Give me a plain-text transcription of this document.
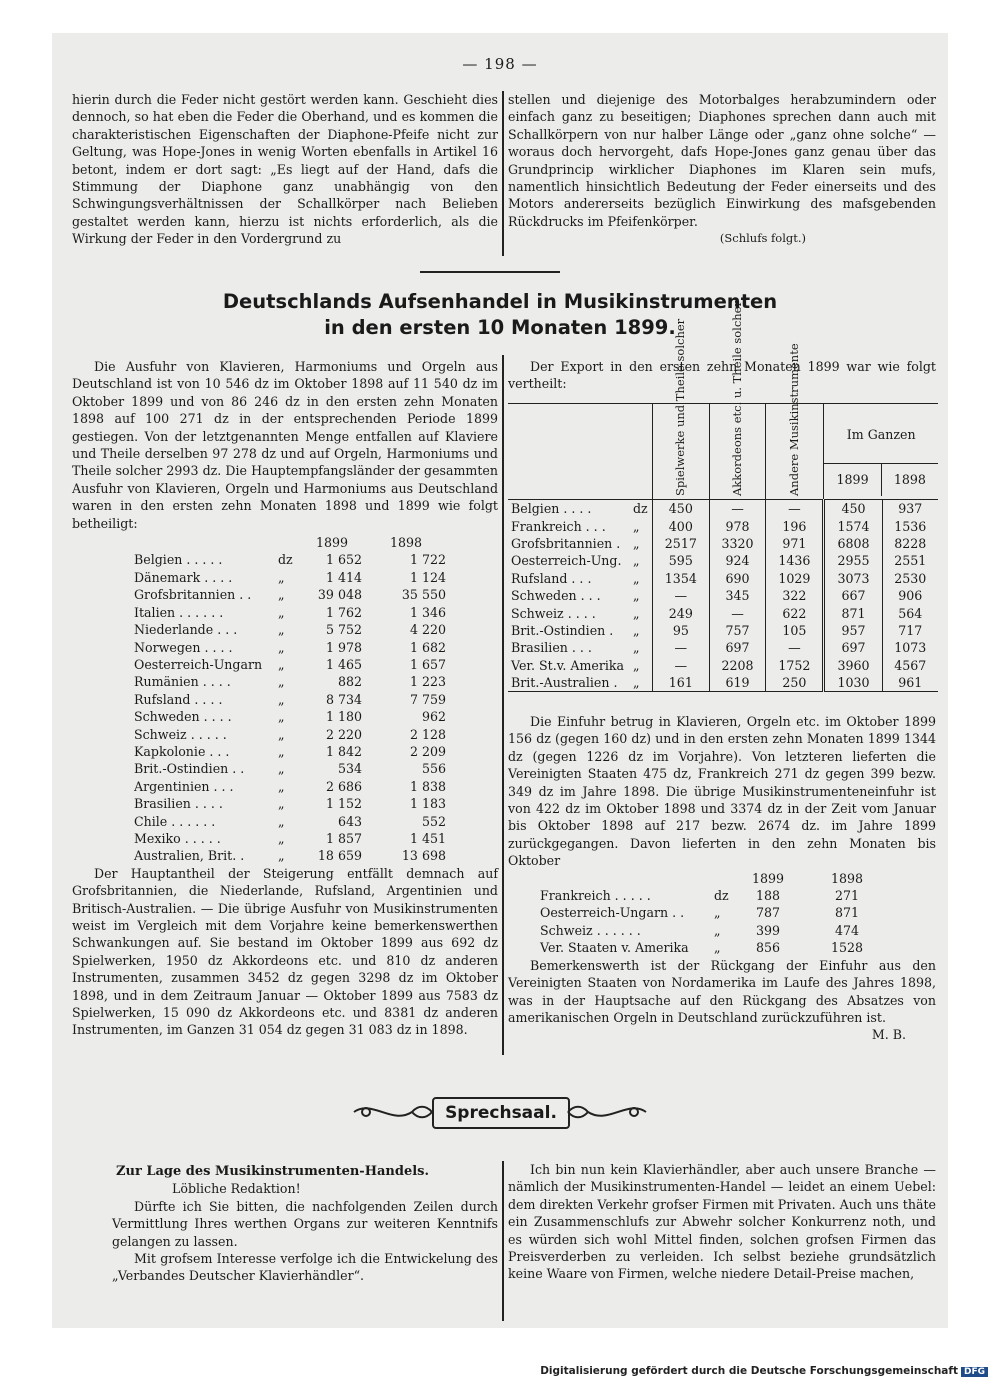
— 198 —

hierin durch die Feder nicht gestört werden kann. Geschieht dies dennoch, so hat eben die Feder die Oberhand, und es kommen die charakteristischen Eigenschaften der Diaphone-Pfeife nicht zur Geltung, was Hope-Jones in wenig Worten ebenfalls in Artikel 16 betont, indem er dort sagt: „Es liegt auf der Hand, dafs die Stimmung der Diaphone ganz unabhängig von den Schwingungsverhältnissen der Schallkörper nach Belieben gestaltet werden kann, hierzu ist nichts erforderlich, als die Wirkung der Feder in den Vordergrund zu

stellen und diejenige des Motorbalges herabzumindern oder einfach ganz zu beseitigen; Diaphones sprechen dann auch mit Schallkörpern von nur halber Länge oder „ganz ohne solche“ — woraus doch hervorgeht, dafs Hope-Jones ganz genau über das Grundprincip wirklicher Diaphones im Klaren sein mufs, namentlich hinsichtlich Bedeutung der Feder einerseits und des Motors andererseits bezüglich Einwirkung des mafsgebenden Rückdrucks im Pfeifenkörper.

(Schlufs folgt.)

Deutschlands Aufsenhandel in Musikinstrumenten
in den ersten 10 Monaten 1899.

Die Ausfuhr von Klavieren, Harmoniums und Orgeln aus Deutschland ist von 10 546 dz im Oktober 1898 auf 11 540 dz im Oktober 1899 und von 86 246 dz in den ersten zehn Monaten 1898 auf 100 271 dz in der entsprechenden Periode 1899 gestiegen. Von der letztgenannten Menge entfallen auf Klaviere und Theile derselben 97 278 dz und auf Orgeln, Harmoniums und Theile solcher 2993 dz. Die Hauptempfangsländer der gesammten Ausfuhr von Klavieren, Orgeln und Harmoniums aus Deutschland waren in den ersten zehn Monaten 1898 und 1899 wie folgt betheiligt:

		1899	1898
Belgien . . . . .	dz	1 652	1 722
Dänemark . . . .	„	1 414	1 124
Grofsbritannien . .	„	39 048	35 550
Italien . . . . . .	„	1 762	1 346
Niederlande . . .	„	5 752	4 220
Norwegen . . . .	„	1 978	1 682
Oesterreich-Ungarn	„	1 465	1 657
Rumänien . . . .	„	882	1 223
Rufsland . . . .	„	8 734	7 759
Schweden . . . .	„	1 180	962
Schweiz . . . . .	„	2 220	2 128
Kapkolonie . . .	„	1 842	2 209
Brit.-Ostindien . .	„	534	556
Argentinien . . .	„	2 686	1 838
Brasilien . . . .	„	1 152	1 183
Chile . . . . . .	„	643	552
Mexiko . . . . .	„	1 857	1 451
Australien, Brit. .	„	18 659	13 698

Der Hauptantheil der Steigerung entfällt demnach auf Grofsbritannien, die Niederlande, Rufsland, Argentinien und Britisch-Australien. — Die übrige Ausfuhr von Musikinstrumenten weist im Vergleich mit dem Vorjahre keine bemerkenswerthen Schwankungen auf. Sie bestand im Oktober 1899 aus 692 dz Spielwerken, 1950 dz Akkordeons etc. und 810 dz anderen Instrumenten, zusammen 3452 dz gegen 3298 dz im Oktober 1898, und in dem Zeitraum Januar — Oktober 1899 aus 7583 dz Spielwerken, 15 090 dz Akkordeons etc. und 8381 dz anderen Instrumenten, im Ganzen 31 054 dz gegen 31 083 dz in 1898.

Der Export in den ersten zehn Monaten 1899 war wie folgt vertheilt:

		Spielwerke und Theile solcher	Akkordeons etc. u. Theile solcher	Andere Musikinstrumente	Im Ganzen
1899 1898	

Belgien . . . .	dz	450	—	—	450	937
Frankreich . . .	„	400	978	196	1574	1536
Grofsbritannien .	„	2517	3320	971	6808	8228
Oesterreich-Ung.	„	595	924	1436	2955	2551
Rufsland . . .	„	1354	690	1029	3073	2530
Schweden . . .	„	—	345	322	667	906
Schweiz . . . .	„	249	—	622	871	564
Brit.-Ostindien .	„	95	757	105	957	717
Brasilien . . .	„	—	697	—	697	1073
Ver. St.v. Amerika	„	—	2208	1752	3960	4567
Brit.-Australien .	„	161	619	250	1030	961

Die Einfuhr betrug in Klavieren, Orgeln etc. im Oktober 1899 156 dz (gegen 160 dz) und in den ersten zehn Monaten 1899 1344 dz (gegen 1226 dz im Vorjahre). Von letzteren lieferten die Vereinigten Staaten 475 dz, Frankreich 271 dz gegen 399 bezw. 349 dz im Jahre 1898. Die übrige Musikinstrumenteneinfuhr ist von 422 dz im Oktober 1898 und 3374 dz in der Zeit vom Januar bis Oktober 1898 auf 217 bezw. 2674 dz. im Jahre 1899 zurückgegangen. Davon lieferten in den zehn Monaten bis Oktober

		1899	1898
Frankreich . . . . .	dz	188	271
Oesterreich-Ungarn . .	„	787	871
Schweiz . . . . . .	„	399	474
Ver. Staaten v. Amerika	„	856	1528

Bemerkenswerth ist der Rückgang der Einfuhr aus den Vereinigten Staaten von Nordamerika im Laufe des Jahres 1898, was in der Hauptsache auf den Rückgang des Absatzes von amerikanischen Orgeln in Deutschland zurückzuführen ist.

M. B.

Sprechsaal.

Zur Lage des Musikinstrumenten-Handels.

Löbliche Redaktion!

Dürfte ich Sie bitten, die nachfolgenden Zeilen durch Vermittlung Ihres werthen Organs zur weiteren Kenntnifs gelangen zu lassen.

Mit grofsem Interesse verfolge ich die Entwickelung des „Verbandes Deutscher Klavierhändler“.

Ich bin nun kein Klavierhändler, aber auch unsere Branche — nämlich der Musikinstrumenten-Handel — leidet an einem Uebel: dem direkten Verkehr grofser Firmen mit Privaten. Auch uns thäte ein Zusammenschlufs zur Abwehr solcher Konkurrenz noth, und es würden sich wohl Mittel finden, solchen grofsen Firmen das Preisverderben zu verleiden. Ich selbst beziehe grundsätzlich keine Waare von Firmen, welche niedere Detail-Preise machen,

Digitalisierung gefördert durch die Deutsche Forschungsgemeinschaft DFG
